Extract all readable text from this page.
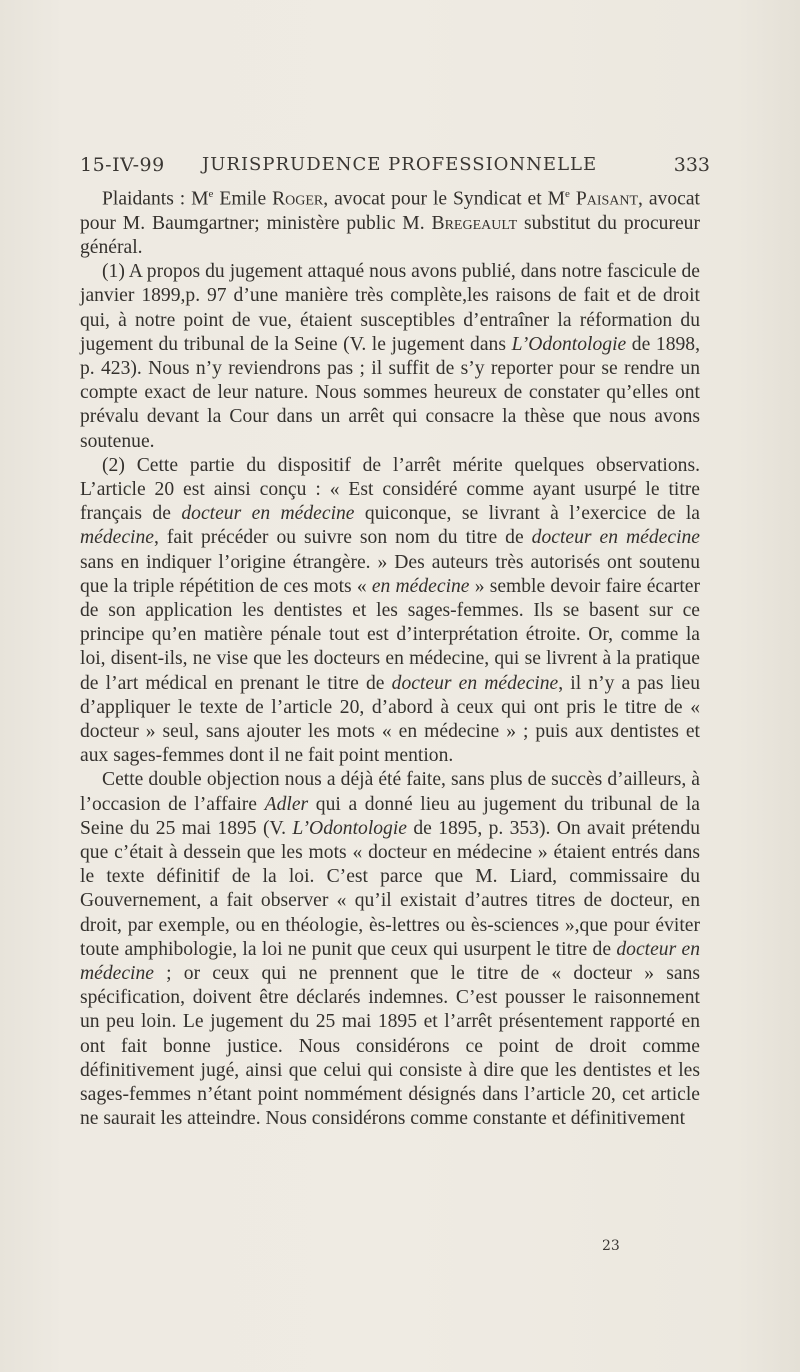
15-IV-99 JURISPRUDENCE PROFESSIONNELLE	333

Plaidants : Me Emile Roger, avocat pour le Syndicat et Me Paisant, avocat pour M. Baumgartner; ministère public M. Bregeault substitut du procureur général.

(1) A propos du jugement attaqué nous avons publié, dans notre fascicule de janvier 1899,p. 97 d’une manière très complète,les raisons de fait et de droit qui, à notre point de vue, étaient susceptibles d’entraîner la réformation du jugement du tribunal de la Seine (V. le jugement dans L’Odontologie de 1898, p. 423). Nous n’y reviendrons pas ; il suffit de s’y reporter pour se rendre un compte exact de leur nature. Nous sommes heureux de constater qu’elles ont prévalu devant la Cour dans un arrêt qui consacre la thèse que nous avons soutenue.

(2) Cette partie du dispositif de l’arrêt mérite quelques observations. L’article 20 est ainsi conçu : « Est considéré comme ayant usurpé le titre français de docteur en médecine quiconque, se livrant à l’exercice de la médecine, fait précéder ou suivre son nom du titre de docteur en médecine sans en indiquer l’origine étrangère. » Des auteurs très autorisés ont soutenu que la triple répétition de ces mots « en médecine » semble devoir faire écarter de son application les dentistes et les sages-femmes. Ils se basent sur ce principe qu’en matière pénale tout est d’interprétation étroite. Or, comme la loi, disent-ils, ne vise que les docteurs en médecine, qui se livrent à la pratique de l’art médical en prenant le titre de docteur en médecine, il n’y a pas lieu d’appliquer le texte de l’article 20, d’abord à ceux qui ont pris le titre de « docteur » seul, sans ajouter les mots « en médecine » ; puis aux dentistes et aux sages-femmes dont il ne fait point mention.

Cette double objection nous a déjà été faite, sans plus de succès d’ailleurs, à l’occasion de l’affaire Adler qui a donné lieu au jugement du tribunal de la Seine du 25 mai 1895 (V. L’Odontologie de 1895, p. 353). On avait prétendu que c’était à dessein que les mots « docteur en médecine » étaient entrés dans le texte définitif de la loi. C’est parce que M. Liard, commissaire du Gouvernement, a fait observer « qu’il existait d’autres titres de docteur, en droit, par exemple, ou en théologie, ès-lettres ou ès-sciences »,que pour éviter toute amphibologie, la loi ne punit que ceux qui usurpent le titre de docteur en médecine ; or ceux qui ne prennent que le titre de « docteur » sans spécification, doivent être déclarés indemnes. C’est pousser le raisonnement un peu loin. Le jugement du 25 mai 1895 et l’arrêt présentement rapporté en ont fait bonne justice. Nous considérons ce point de droit comme définitivement jugé, ainsi que celui qui consiste à dire que les dentistes et les sages-femmes n’étant point nommément désignés dans l’article 20, cet article ne saurait les atteindre. Nous considérons comme constante et définitivement

23
